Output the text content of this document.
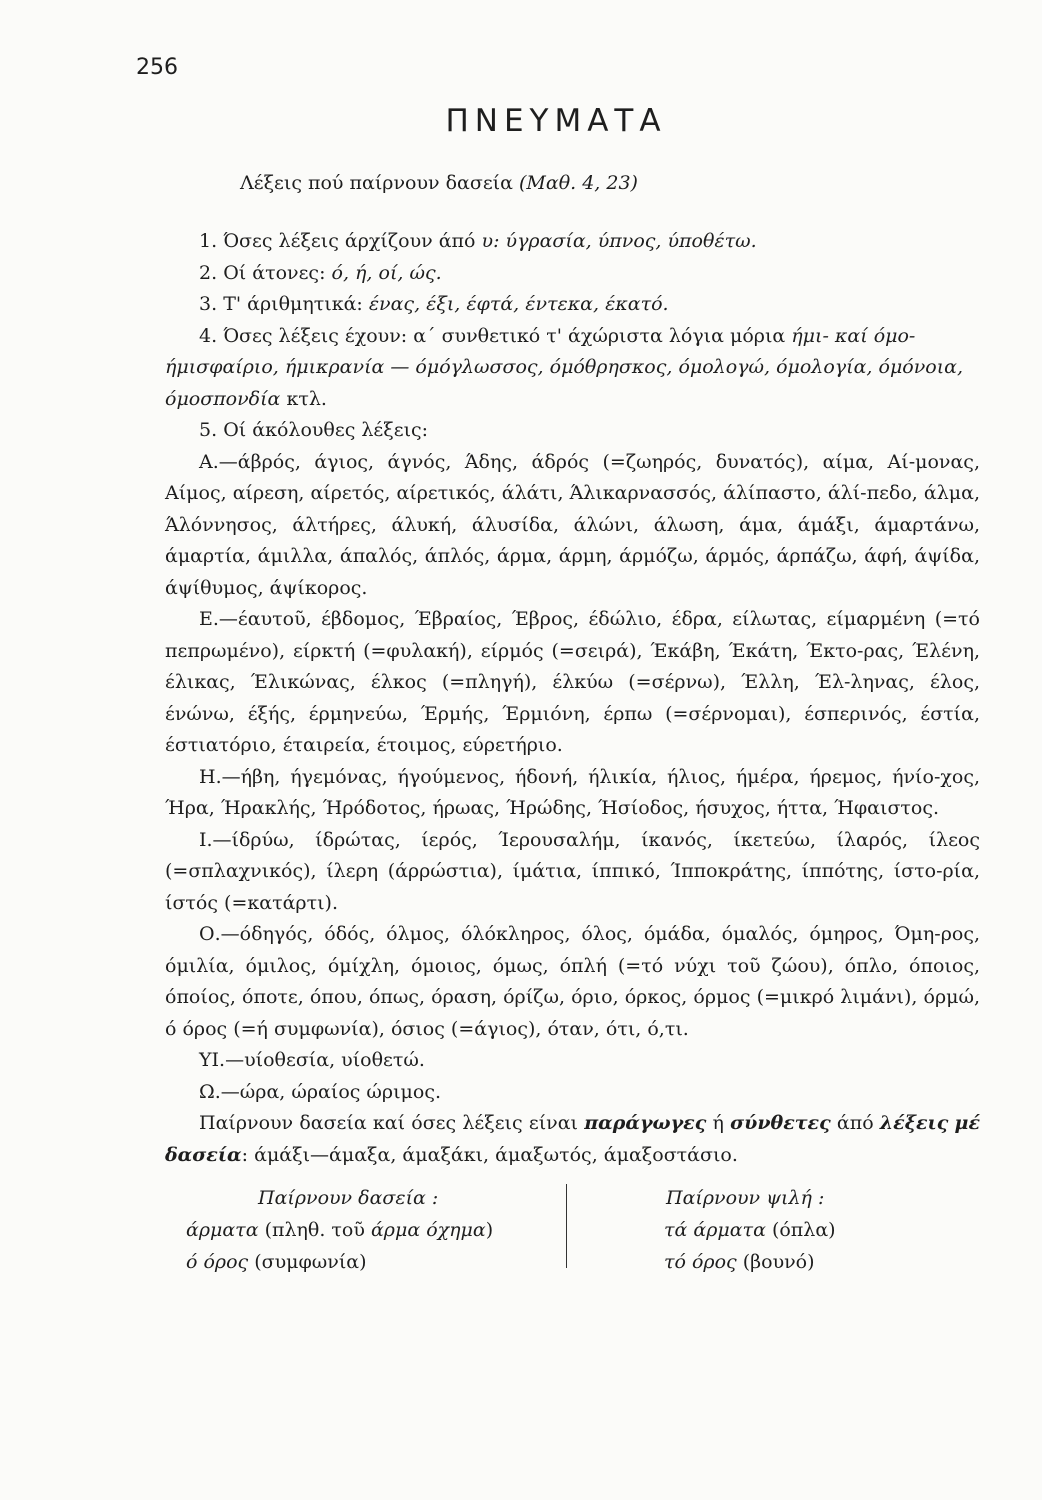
256
ΠΝΕΥΜΑΤΑ
Λέξεις πού παίρνουν δασεία (Μαθ. 4, 23)

1. Όσες λέξεις άρχίζουν άπό υ: ύγρασία, ύπνος, ύποθέτω.

2. Οί άτονες: ό, ή, οί, ώς.

3. Τ' άριθμητικά: ένας, έξι, έφτά, έντεκα, έκατό.

4. Όσες λέξεις έχουν: α΄ συνθετικό τ' άχώριστα λόγια μόρια ήμι- καί όμο- ήμισφαίριο, ήμικρανία — όμόγλωσσος, όμόθρησκος, όμολογώ, όμολογία, όμόνοια, όμοσπονδία κτλ.

5. Οί άκόλουθες λέξεις:

Α.—άβρός, άγιος, άγνός, Άδης, άδρός (=ζωηρός, δυνατός), αίμα, Αί-μονας, Αίμος, αίρεση, αίρετός, αίρετικός, άλάτι, Άλικαρνασσός, άλίπαστο, άλί-πεδο, άλμα, Άλόννησος, άλτήρες, άλυκή, άλυσίδα, άλώνι, άλωση, άμα, άμάξι, άμαρτάνω, άμαρτία, άμιλλα, άπαλός, άπλός, άρμα, άρμη, άρμόζω, άρμός, άρπάζω, άφή, άψίδα, άψίθυμος, άψίκορος.

Ε.—έαυτοῦ, έβδομος, Έβραίος, Έβρος, έδώλιο, έδρα, είλωτας, είμαρμένη (=τό πεπρωμένο), είρκτή (=φυλακή), είρμός (=σειρά), Έκάβη, Έκάτη, Έκτο-ρας, Έλένη, έλικας, Έλικώνας, έλκος (=πληγή), έλκύω (=σέρνω), Έλλη, Έλ-ληνας, έλος, ένώνω, έξής, έρμηνεύω, Έρμής, Έρμιόνη, έρπω (=σέρνομαι), έσπερινός, έστία, έστιατόριο, έταιρεία, έτοιμος, εύρετήριο.

Η.—ήβη, ήγεμόνας, ήγούμενος, ήδονή, ήλικία, ήλιος, ήμέρα, ήρεμος, ήνίο-χος, Ήρα, Ήρακλής, Ήρόδοτος, ήρωας, Ήρώδης, Ήσίοδος, ήσυχος, ήττα, Ήφαιστος.

Ι.—ίδρύω, ίδρώτας, ίερός, Ίερουσαλήμ, ίκανός, ίκετεύω, ίλαρός, ίλεος (=σπλαχνικός), ίλερη (άρρώστια), ίμάτια, ίππικό, Ίπποκράτης, ίππότης, ίστο-ρία, ίστός (=κατάρτι).

Ο.—όδηγός, όδός, όλμος, όλόκληρος, όλος, όμάδα, όμαλός, όμηρος, Όμη-ρος, όμιλία, όμιλος, όμίχλη, όμοιος, όμως, όπλή (=τό νύχι τοῦ ζώου), όπλο, όποιος, όποίος, όποτε, όπου, όπως, όραση, όρίζω, όριο, όρκος, όρμος (=μικρό λιμάνι), όρμώ, ό όρος (=ή συμφωνία), όσιος (=άγιος), όταν, ότι, ό,τι.

ΥΙ.—υίοθεσία, υίοθετώ.

Ω.—ώρα, ώραίος ώριμος.

Παίρνουν δασεία καί όσες λέξεις είναι παράγωγες ή σύνθετες άπό λέξεις μέ δασεία: άμάξι—άμαξα, άμαξάκι, άμαξωτός, άμαξοστάσιο.

Παίρνουν δασεία :
άρματα (πληθ. τοῦ άρμα όχημα)
ό όρος (συμφωνία)
Παίρνουν ψιλή :
τά άρματα (όπλα)
τό όρος (βουνό)
